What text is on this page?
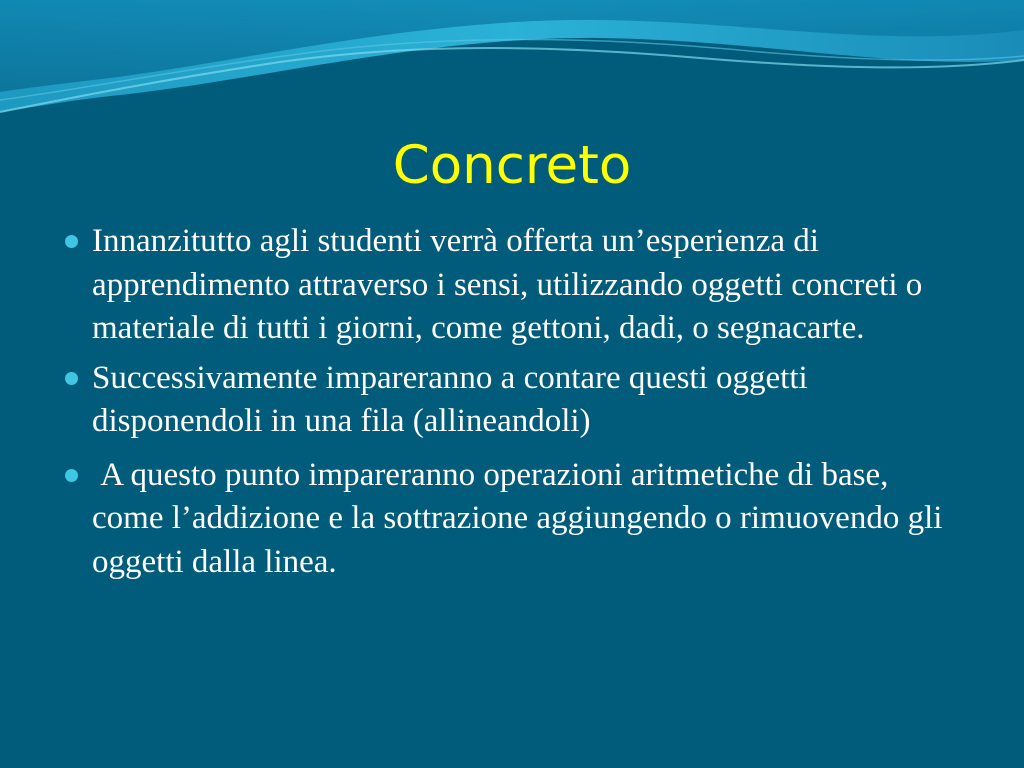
Concreto
Innanzitutto agli studenti verrà offerta un’esperienza di apprendimento attraverso i sensi, utilizzando oggetti concreti o materiale di tutti i giorni, come gettoni, dadi, o segnacarte.
Successivamente impareranno a contare questi oggetti disponendoli in una fila (allineandoli)
A questo punto impareranno operazioni aritmetiche di base, come l’addizione e la sottrazione aggiungendo o rimuovendo gli oggetti dalla linea.
